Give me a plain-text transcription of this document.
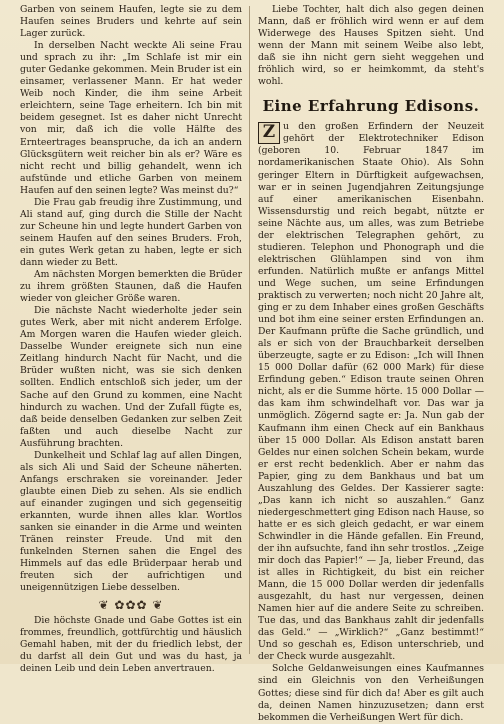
Garben von seinem Haufen, legte sie zu dem Haufen seines Bruders und kehrte auf sein Lager zurück.

In derselben Nacht weckte Ali seine Frau und sprach zu ihr: „Im Schlafe ist mir ein guter Gedanke gekommen. Mein Bruder ist ein einsamer, verlassener Mann. Er hat weder Weib noch Kinder, die ihm seine Arbeit erleichtern, seine Tage erheitern. Ich bin mit beidem gesegnet. Ist es daher nicht Unrecht von mir, daß ich die volle Hälfte des Ernteertrages beanspruche, da ich an andern Glücksgütern weit reicher bin als er? Wäre es nicht recht und billig gehandelt, wenn ich aufstünde und etliche Garben von meinem Haufen auf den seinen legte? Was meinst du?“

Die Frau gab freudig ihre Zustimmung, und Ali stand auf, ging durch die Stille der Nacht zur Scheune hin und legte hundert Garben von seinem Haufen auf den seines Bruders. Froh, ein gutes Werk getan zu haben, legte er sich dann wieder zu Bett.

Am nächsten Morgen bemerkten die Brüder zu ihrem größten Staunen, daß die Haufen wieder von gleicher Größe waren.

Die nächste Nacht wiederholte jeder sein gutes Werk, aber mit nicht anderem Erfolge. Am Morgen waren die Haufen wieder gleich. Dasselbe Wunder ereignete sich nun eine Zeitlang hindurch Nacht für Nacht, und die Brüder wußten nicht, was sie sich denken sollten. Endlich entschloß sich jeder, um der Sache auf den Grund zu kommen, eine Nacht hindurch zu wachen. Und der Zufall fügte es, daß beide denselben Gedanken zur selben Zeit faßten und auch dieselbe Nacht zur Ausführung brachten.

Dunkelheit und Schlaf lag auf allen Dingen, als sich Ali und Said der Scheune näherten. Anfangs erschraken sie voreinander. Jeder glaubte einen Dieb zu sehen. Als sie endlich auf einander zugingen und sich gegenseitig erkannten, wurde ihnen alles klar. Wortlos sanken sie einander in die Arme und weinten Tränen reinster Freude. Und mit den funkelnden Sternen sahen die Engel des Himmels auf das edle Brüderpaar herab und freuten sich der aufrichtigen und uneigennützigen Liebe desselben.

❦ ✿✿✿ ❦

Die höchste Gnade und Gabe Gottes ist ein frommes, freundlich, gottfürchtig und häuslich Gemahl haben, mit der du friedlich lebst, der du darfst all dein Gut und was du hast, ja deinen Leib und dein Leben anvertrauen.

Liebe Tochter, halt dich also gegen deinen Mann, daß er fröhlich wird wenn er auf dem Widerwege des Hauses Spitzen sieht. Und wenn der Mann mit seinem Weibe also lebt, daß sie ihn nicht gern sieht weggehen und fröhlich wird, so er heimkommt, da steht's wohl.

Eine Erfahrung Edisons.

Z u den großen Erfindern der Neuzeit gehört der Elektrotechniker Edison (geboren 10. Februar 1847 im nordamerikanischen Staate Ohio). Als Sohn geringer Eltern in Dürftigkeit aufgewachsen, war er in seinen Jugendjahren Zeitungsjunge auf einer amerikanischen Eisenbahn. Wissensdurstig und reich begabt, nützte er seine Nächte aus, um alles, was zum Betriebe der elektrischen Telegraphen gehört, zu studieren. Telephon und Phonograph und die elektrischen Glühlampen sind von ihm erfunden. Natürlich mußte er anfangs Mittel und Wege suchen, um seine Erfindungen praktisch zu verwerten; noch nicht 20 Jahre alt, ging er zu dem Inhaber eines großen Geschäfts und bot ihm eine seiner ersten Erfindungen an. Der Kaufmann prüfte die Sache gründlich, und als er sich von der Brauchbarkeit derselben überzeugte, sagte er zu Edison: „Ich will Ihnen 15 000 Dollar dafür (62 000 Mark) für diese Erfindung geben.“ Edison traute seinen Ohren nicht, als er die Summe hörte. 15 000 Dollar — das kam ihm schwindelhaft vor. Das war ja unmöglich. Zögernd sagte er: Ja. Nun gab der Kaufmann ihm einen Check auf ein Bankhaus über 15 000 Dollar. Als Edison anstatt baren Geldes nur einen solchen Schein bekam, wurde er erst recht bedenklich. Aber er nahm das Papier, ging zu dem Bankhaus und bat um Auszahlung des Geldes. Der Kassierer sagte: „Das kann ich nicht so auszahlen.“ Ganz niedergeschmettert ging Edison nach Hause, so hatte er es sich gleich gedacht, er war einem Schwindler in die Hände gefallen. Ein Freund, der ihn aufsuchte, fand ihn sehr trostlos. „Zeige mir doch das Papier!“ — Ja, lieber Freund, das ist alles in Richtigkeit, du bist ein reicher Mann, die 15 000 Dollar werden dir jedenfalls ausgezahlt, du hast nur vergessen, deinen Namen hier auf die andere Seite zu schreiben. Tue das, und das Bankhaus zahlt dir jedenfalls das Geld.“ — „Wirklich?“ „Ganz bestimmt!“ Und so geschah es, Edison unterschrieb, und der Check wurde ausgezahlt.

Solche Geldanweisungen eines Kaufmannes sind ein Gleichnis von den Verheißungen Gottes; diese sind für dich da! Aber es gilt auch da, deinen Namen hinzuzusetzen; dann erst bekommen die Verheißungen Wert für dich.
